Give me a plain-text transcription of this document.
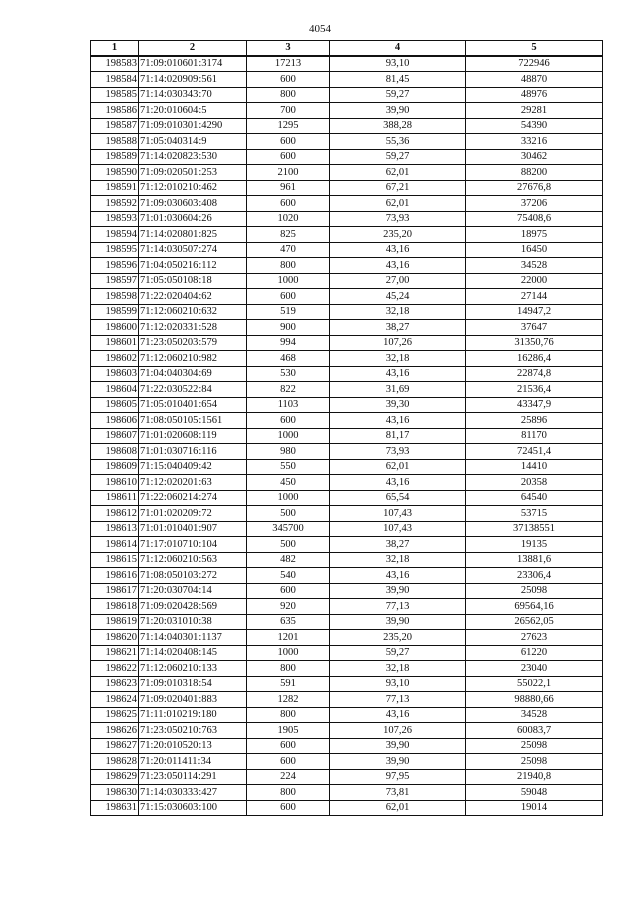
4054
1	2	3	4	5
198583	71:09:010601:3174	17213	93,10	722946
198584	71:14:020909:561	600	81,45	48870
198585	71:14:030343:70	800	59,27	48976
198586	71:20:010604:5	700	39,90	29281
198587	71:09:010301:4290	1295	388,28	54390
198588	71:05:040314:9	600	55,36	33216
198589	71:14:020823:530	600	59,27	30462
198590	71:09:020501:253	2100	62,01	88200
198591	71:12:010210:462	961	67,21	27676,8
198592	71:09:030603:408	600	62,01	37206
198593	71:01:030604:26	1020	73,93	75408,6
198594	71:14:020801:825	825	235,20	18975
198595	71:14:030507:274	470	43,16	16450
198596	71:04:050216:112	800	43,16	34528
198597	71:05:050108:18	1000	27,00	22000
198598	71:22:020404:62	600	45,24	27144
198599	71:12:060210:632	519	32,18	14947,2
198600	71:12:020331:528	900	38,27	37647
198601	71:23:050203:579	994	107,26	31350,76
198602	71:12:060210:982	468	32,18	16286,4
198603	71:04:040304:69	530	43,16	22874,8
198604	71:22:030522:84	822	31,69	21536,4
198605	71:05:010401:654	1103	39,30	43347,9
198606	71:08:050105:1561	600	43,16	25896
198607	71:01:020608:119	1000	81,17	81170
198608	71:01:030716:116	980	73,93	72451,4
198609	71:15:040409:42	550	62,01	14410
198610	71:12:020201:63	450	43,16	20358
198611	71:22:060214:274	1000	65,54	64540
198612	71:01:020209:72	500	107,43	53715
198613	71:01:010401:907	345700	107,43	37138551
198614	71:17:010710:104	500	38,27	19135
198615	71:12:060210:563	482	32,18	13881,6
198616	71:08:050103:272	540	43,16	23306,4
198617	71:20:030704:14	600	39,90	25098
198618	71:09:020428:569	920	77,13	69564,16
198619	71:20:031010:38	635	39,90	26562,05
198620	71:14:040301:1137	1201	235,20	27623
198621	71:14:020408:145	1000	59,27	61220
198622	71:12:060210:133	800	32,18	23040
198623	71:09:010318:54	591	93,10	55022,1
198624	71:09:020401:883	1282	77,13	98880,66
198625	71:11:010219:180	800	43,16	34528
198626	71:23:050210:763	1905	107,26	60083,7
198627	71:20:010520:13	600	39,90	25098
198628	71:20:011411:34	600	39,90	25098
198629	71:23:050114:291	224	97,95	21940,8
198630	71:14:030333:427	800	73,81	59048
198631	71:15:030603:100	600	62,01	19014
